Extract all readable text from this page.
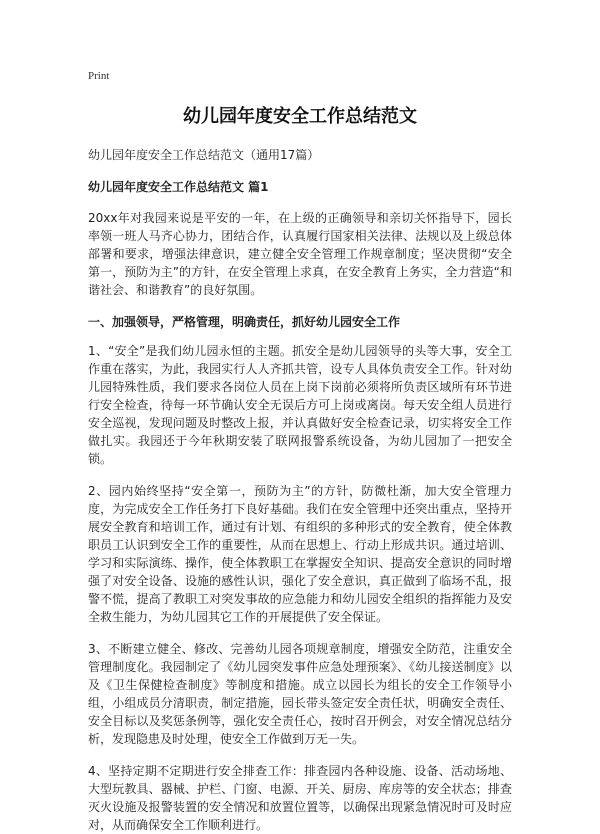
Print
幼儿园年度安全工作总结范文
幼儿园年度安全工作总结范文（通用17篇）
幼儿园年度安全工作总结范文 篇1

20xx年对我园来说是平安的一年，在上级的正确领导和亲切关怀指导下，园长率领一班人马齐心协力，团结合作，认真履行国家相关法律、法规以及上级总体部署和要求，增强法律意识，建立健全安全管理工作规章制度；坚决贯彻“安全第一，预防为主”的方针，在安全管理上求真，在安全教育上务实，全力营造“和谐社会、和谐教育”的良好氛围。

一、加强领导，严格管理，明确责任，抓好幼儿园安全工作

1、“安全”是我们幼儿园永恒的主题。抓安全是幼儿园领导的头等大事，安全工作重在落实，为此，我园实行人人齐抓共管，设专人具体负责安全工作。针对幼儿园特殊性质，我们要求各岗位人员在上岗下岗前必须将所负责区域所有环节进行安全检查，待每一环节确认安全无误后方可上岗或离岗。每天安全组人员进行安全巡视，发现问题及时整改上报，并认真做好安全检查记录，切实将安全工作做扎实。我园还于今年秋期安装了联网报警系统设备，为幼儿园加了一把安全锁。

2、园内始终坚持“安全第一，预防为主”的方针，防微杜渐，加大安全管理力度，为完成安全工作任务打下良好基础。我们在安全管理中还突出重点，坚持开展安全教育和培训工作，通过有计划、有组织的多种形式的安全教育，使全体教职员工认识到安全工作的重要性，从而在思想上、行动上形成共识。通过培训、学习和实际演练、操作，使全体教职工在掌握安全知识、提高安全意识的同时增强了对安全设备、设施的感性认识，强化了安全意识，真正做到了临场不乱，报警不慌，提高了教职工对突发事故的应急能力和幼儿园安全组织的指挥能力及安全救生能力，为幼儿园其它工作的开展提供了安全保证。

3、不断建立健全、修改、完善幼儿园各项规章制度，增强安全防范，注重安全管理制度化。我园制定了《幼儿园突发事件应急处理预案》、《幼儿接送制度》以及《卫生保健检查制度》等制度和措施。成立以园长为组长的安全工作领导小组，小组成员分清职责，制定措施，园长带头签定安全责任状，明确安全责任、安全目标以及奖惩条例等，强化安全责任心，按时召开例会，对安全情况总结分析，发现隐患及时处理，使安全工作做到万无一失。

4、坚持定期不定期进行安全排查工作：排查园内各种设施、设备、活动场地、大型玩教具、器械、护栏、门窗、电源、开关、厨房、库房等的安全状态；排查灭火设施及报警装置的安全情况和放置位置等，以确保出现紧急情况时可及时应对，从而确保安全工作顺利进行。
